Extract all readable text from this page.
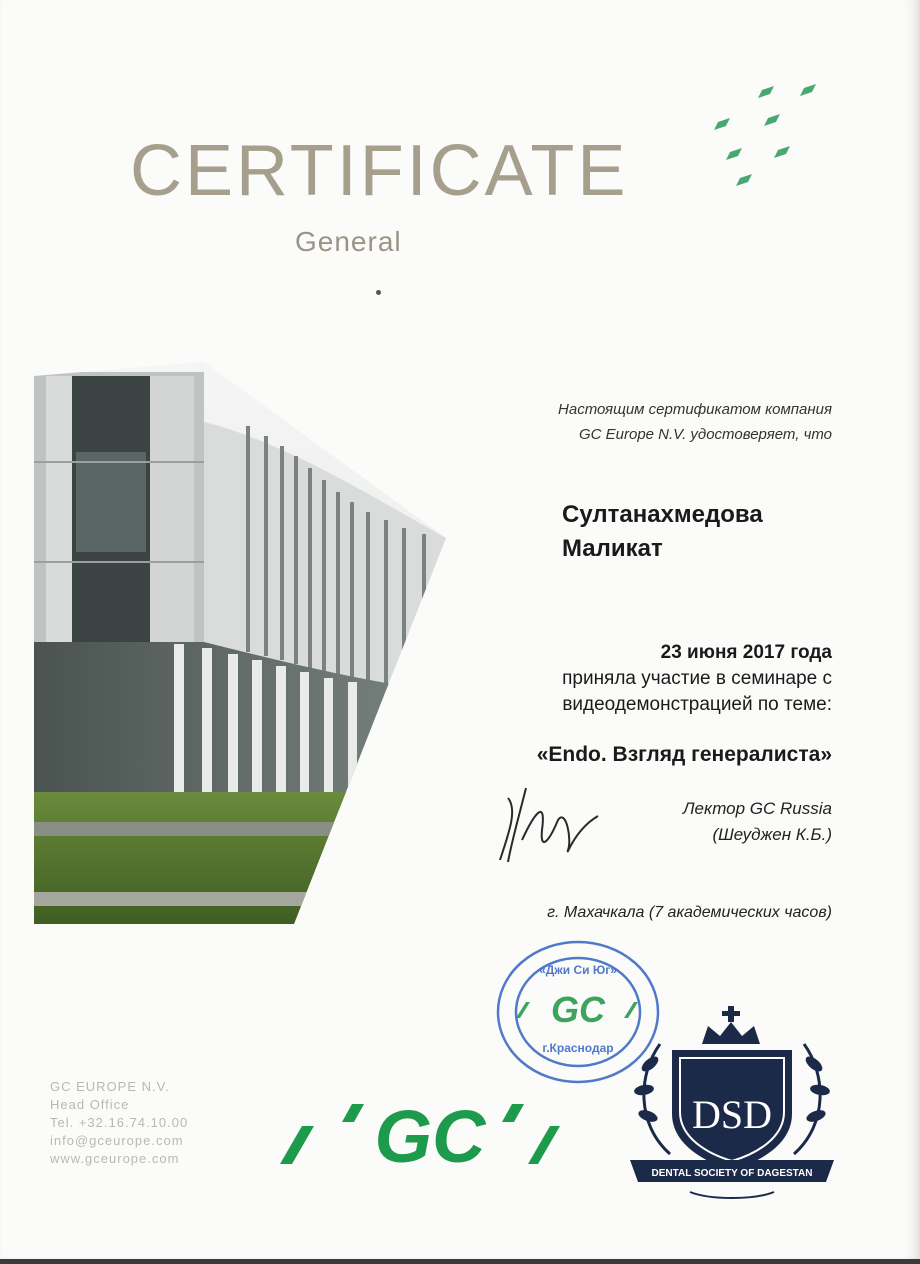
CERTIFICATE
General
Настоящим сертификатом компания
GC Europe N.V. удостоверяет, что
Султанахмедова
Маликат
23 июня 2017 года
приняла участие в семинаре с
видеодемонстрацией по теме:
«Endo. Взгляд генералиста»
Лектор GC Russia
(Шеуджен К.Б.)
г. Махачкала (7 академических часов)
«Джи Си Юг»
GC
г.Краснодар
GC EUROPE N.V.
Head Office
Tel. +32.16.74.10.00
info@gceurope.com
www.gceurope.com	GC	DSD
DENTAL SOCIETY OF DAGESTAN
